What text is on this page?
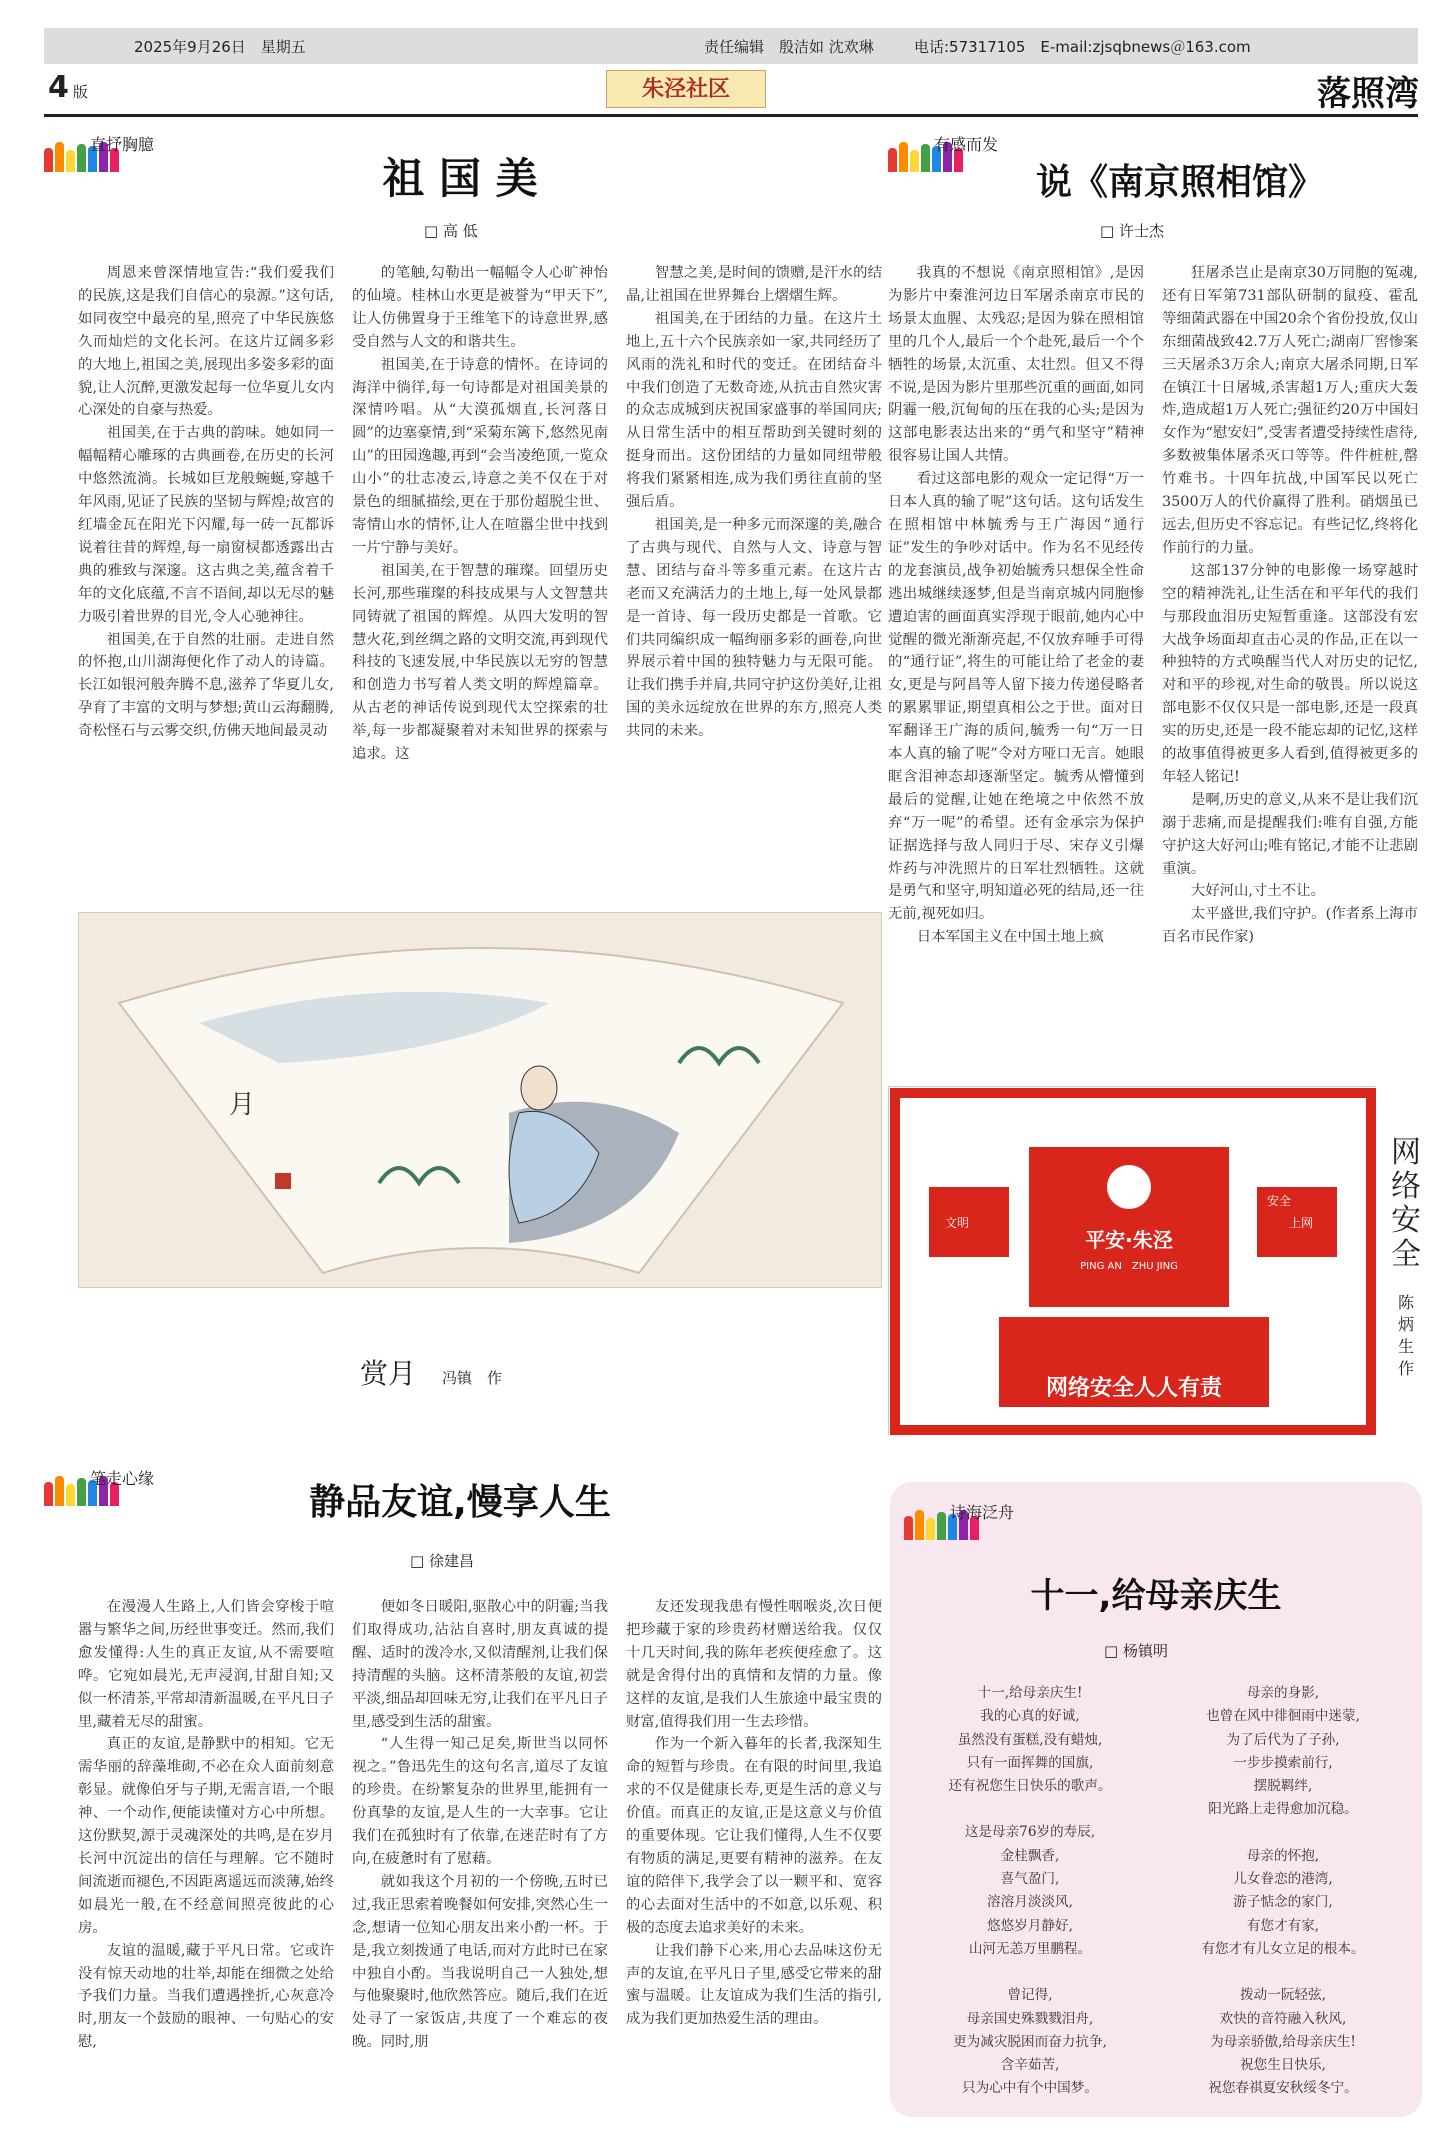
2025年9月26日　星期五	责任编辑　殷洁如 沈欢琳	电话:57317105　E-mail:zjsqbnews＠163.com
4 版	朱泾社区	落照湾
直抒胸臆
祖 国 美
□ 高 低

周恩来曾深情地宣告:“我们爱我们的民族,这是我们自信心的泉源。”这句话,如同夜空中最亮的星,照亮了中华民族悠久而灿烂的文化长河。在这片辽阔多彩的大地上,祖国之美,展现出多姿多彩的面貌,让人沉醉,更激发起每一位华夏儿女内心深处的自豪与热爱。

祖国美,在于古典的韵味。她如同一幅幅精心雕琢的古典画卷,在历史的长河中悠然流淌。长城如巨龙般蜿蜒,穿越千年风雨,见证了民族的坚韧与辉煌;故宫的红墙金瓦在阳光下闪耀,每一砖一瓦都诉说着往昔的辉煌,每一扇窗棂都透露出古典的雅致与深邃。这古典之美,蕴含着千年的文化底蕴,不言不语间,却以无尽的魅力吸引着世界的目光,令人心驰神往。

祖国美,在于自然的壮丽。走进自然的怀抱,山川湖海便化作了动人的诗篇。长江如银河般奔腾不息,滋养了华夏儿女,孕育了丰富的文明与梦想;黄山云海翻腾,奇松怪石与云雾交织,仿佛天地间最灵动

的笔触,勾勒出一幅幅令人心旷神怡的仙境。桂林山水更是被誉为“甲天下”,让人仿佛置身于王维笔下的诗意世界,感受自然与人文的和谐共生。

祖国美,在于诗意的情怀。在诗词的海洋中徜徉,每一句诗都是对祖国美景的深情吟唱。从“大漠孤烟直,长河落日圆”的边塞豪情,到“采菊东篱下,悠然见南山”的田园逸趣,再到“会当凌绝顶,一览众山小”的壮志凌云,诗意之美不仅在于对景色的细腻描绘,更在于那份超脱尘世、寄情山水的情怀,让人在喧嚣尘世中找到一片宁静与美好。

祖国美,在于智慧的璀璨。回望历史长河,那些璀璨的科技成果与人文智慧共同铸就了祖国的辉煌。从四大发明的智慧火花,到丝绸之路的文明交流,再到现代科技的飞速发展,中华民族以无穷的智慧和创造力书写着人类文明的辉煌篇章。从古老的神话传说到现代太空探索的壮举,每一步都凝聚着对未知世界的探索与追求。这

智慧之美,是时间的馈赠,是汗水的结晶,让祖国在世界舞台上熠熠生辉。

祖国美,在于团结的力量。在这片土地上,五十六个民族亲如一家,共同经历了风雨的洗礼和时代的变迁。在团结奋斗中我们创造了无数奇迹,从抗击自然灾害的众志成城到庆祝国家盛事的举国同庆;从日常生活中的相互帮助到关键时刻的挺身而出。这份团结的力量如同纽带般将我们紧紧相连,成为我们勇往直前的坚强后盾。

祖国美,是一种多元而深邃的美,融合了古典与现代、自然与人文、诗意与智慧、团结与奋斗等多重元素。在这片古老而又充满活力的土地上,每一处风景都是一首诗、每一段历史都是一首歌。它们共同编织成一幅绚丽多彩的画卷,向世界展示着中国的独特魅力与无限可能。让我们携手并肩,共同守护这份美好,让祖国的美永远绽放在世界的东方,照亮人类共同的未来。

有感而发
说《南京照相馆》
□ 许士杰

我真的不想说《南京照相馆》,是因为影片中秦淮河边日军屠杀南京市民的场景太血腥、太残忍;是因为躲在照相馆里的几个人,最后一个个赴死,最后一个个牺牲的场景,太沉重、太壮烈。但又不得不说,是因为影片里那些沉重的画面,如同阴霾一般,沉甸甸的压在我的心头;是因为这部电影表达出来的“勇气和坚守”精神很容易让国人共情。

看过这部电影的观众一定记得“万一日本人真的输了呢”这句话。这句话发生在照相馆中林毓秀与王广海因“通行证”发生的争吵对话中。作为名不见经传的龙套演员,战争初始毓秀只想保全性命逃出城继续逐梦,但是当南京城内同胞惨遭迫害的画面真实浮现于眼前,她内心中觉醒的微光渐渐亮起,不仅放弃唾手可得的“通行证”,将生的可能让给了老金的妻女,更是与阿昌等人留下接力传递侵略者的累累罪证,期望真相公之于世。面对日军翻译王广海的质问,毓秀一句“万一日本人真的输了呢”令对方哑口无言。她眼眶含泪神态却逐渐坚定。毓秀从懵懂到最后的觉醒,让她在绝境之中依然不放弃“万一呢”的希望。还有金承宗为保护证据选择与敌人同归于尽、宋存义引爆炸药与冲洗照片的日军壮烈牺牲。这就是勇气和坚守,明知道必死的结局,还一往无前,视死如归。

日本军国主义在中国土地上疯

狂屠杀岂止是南京30万同胞的冤魂,还有日军第731部队研制的鼠疫、霍乱等细菌武器在中国20余个省份投放,仅山东细菌战致42.7万人死亡;湖南厂窖惨案三天屠杀3万余人;南京大屠杀同期,日军在镇江十日屠城,杀害超1万人;重庆大轰炸,造成超1万人死亡;强征约20万中国妇女作为“慰安妇”,受害者遭受持续性虐待,多数被集体屠杀灭口等等。件件桩桩,罄竹难书。十四年抗战,中国军民以死亡3500万人的代价赢得了胜利。硝烟虽已远去,但历史不容忘记。有些记忆,终将化作前行的力量。

这部137分钟的电影像一场穿越时空的精神洗礼,让生活在和平年代的我们与那段血泪历史短暂重逢。这部没有宏大战争场面却直击心灵的作品,正在以一种独特的方式唤醒当代人对历史的记忆,对和平的珍视,对生命的敬畏。所以说这部电影不仅仅只是一部电影,还是一段真实的历史,还是一段不能忘却的记忆,这样的故事值得被更多人看到,值得被更多的年轻人铭记!

是啊,历史的意义,从来不是让我们沉溺于悲痛,而是提醒我们:唯有自强,方能守护这大好河山;唯有铭记,才能不让悲剧重演。

大好河山,寸土不让。

太平盛世,我们守护。(作者系上海市百名市民作家)

月
赏月 冯镇　作
平安·朱泾
PING AN　ZHU JING
文明
安全
上网
网络安全人人有责
网络安全
陈炳生　作
笔走心缘
静品友谊,慢享人生
□ 徐建昌

在漫漫人生路上,人们皆会穿梭于喧嚣与繁华之间,历经世事变迁。然而,我们愈发懂得:人生的真正友谊,从不需要喧哗。它宛如晨光,无声浸润,甘甜自知;又似一杯清茶,平常却清新温暖,在平凡日子里,藏着无尽的甜蜜。

真正的友谊,是静默中的相知。它无需华丽的辞藻堆砌,不必在众人面前刻意彰显。就像伯牙与子期,无需言语,一个眼神、一个动作,便能读懂对方心中所想。这份默契,源于灵魂深处的共鸣,是在岁月长河中沉淀出的信任与理解。它不随时间流逝而褪色,不因距离遥远而淡薄,始终如晨光一般,在不经意间照亮彼此的心房。

友谊的温暖,藏于平凡日常。它或许没有惊天动地的壮举,却能在细微之处给予我们力量。当我们遭遇挫折,心灰意冷时,朋友一个鼓励的眼神、一句贴心的安慰,

便如冬日暖阳,驱散心中的阴霾;当我们取得成功,沾沾自喜时,朋友真诚的提醒、适时的泼冷水,又似清醒剂,让我们保持清醒的头脑。这杯清茶般的友谊,初尝平淡,细品却回味无穷,让我们在平凡日子里,感受到生活的甜蜜。

“人生得一知己足矣,斯世当以同怀视之。”鲁迅先生的这句名言,道尽了友谊的珍贵。在纷繁复杂的世界里,能拥有一份真挚的友谊,是人生的一大幸事。它让我们在孤独时有了依靠,在迷茫时有了方向,在疲惫时有了慰藉。

就如我这个月初的一个傍晚,五时已过,我正思索着晚餐如何安排,突然心生一念,想请一位知心朋友出来小酌一杯。于是,我立刻拨通了电话,而对方此时已在家中独自小酌。当我说明自己一人独处,想与他聚聚时,他欣然答应。随后,我们在近处寻了一家饭店,共度了一个难忘的夜晚。同时,朋

友还发现我患有慢性咽喉炎,次日便把珍藏于家的珍贵药材赠送给我。仅仅十几天时间,我的陈年老疾便痊愈了。这就是舍得付出的真情和友情的力量。像这样的友谊,是我们人生旅途中最宝贵的财富,值得我们用一生去珍惜。

作为一个新入暮年的长者,我深知生命的短暂与珍贵。在有限的时间里,我追求的不仅是健康长寿,更是生活的意义与价值。而真正的友谊,正是这意义与价值的重要体现。它让我们懂得,人生不仅要有物质的满足,更要有精神的滋养。在友谊的陪伴下,我学会了以一颗平和、宽容的心去面对生活中的不如意,以乐观、积极的态度去追求美好的未来。

让我们静下心来,用心去品味这份无声的友谊,在平凡日子里,感受它带来的甜蜜与温暖。让友谊成为我们生活的指引,成为我们更加热爱生活的理由。

诗海泛舟
十一,给母亲庆生
□ 杨镇明
十一,给母亲庆生!
我的心真的好诚,
虽然没有蛋糕,没有蜡烛,
只有一面挥舞的国旗,
还有祝您生日快乐的歌声。
这是母亲76岁的寿辰,
金桂飘香,
喜气盈门,
溶溶月淡淡风,
悠悠岁月静好,
山河无恙万里鹏程。
曾记得,
母亲国史殊戮戮泪舟,
更为减灾脱困而奋力抗争,
含辛茹苦,
只为心中有个中国梦。
母亲的身影,
也曾在风中徘徊雨中迷蒙,
为了后代为了子孙,
一步步摸索前行,
摆脱羁绊,
阳光路上走得愈加沉稳。
母亲的怀抱,
儿女眷恋的港湾,
游子惦念的家门,
有您才有家,
有您才有儿女立足的根本。
拨动一阮轻弦,
欢快的音符融入秋风,
为母亲骄傲,给母亲庆生!
祝您生日快乐,
祝您春祺夏安秋绥冬宁。
